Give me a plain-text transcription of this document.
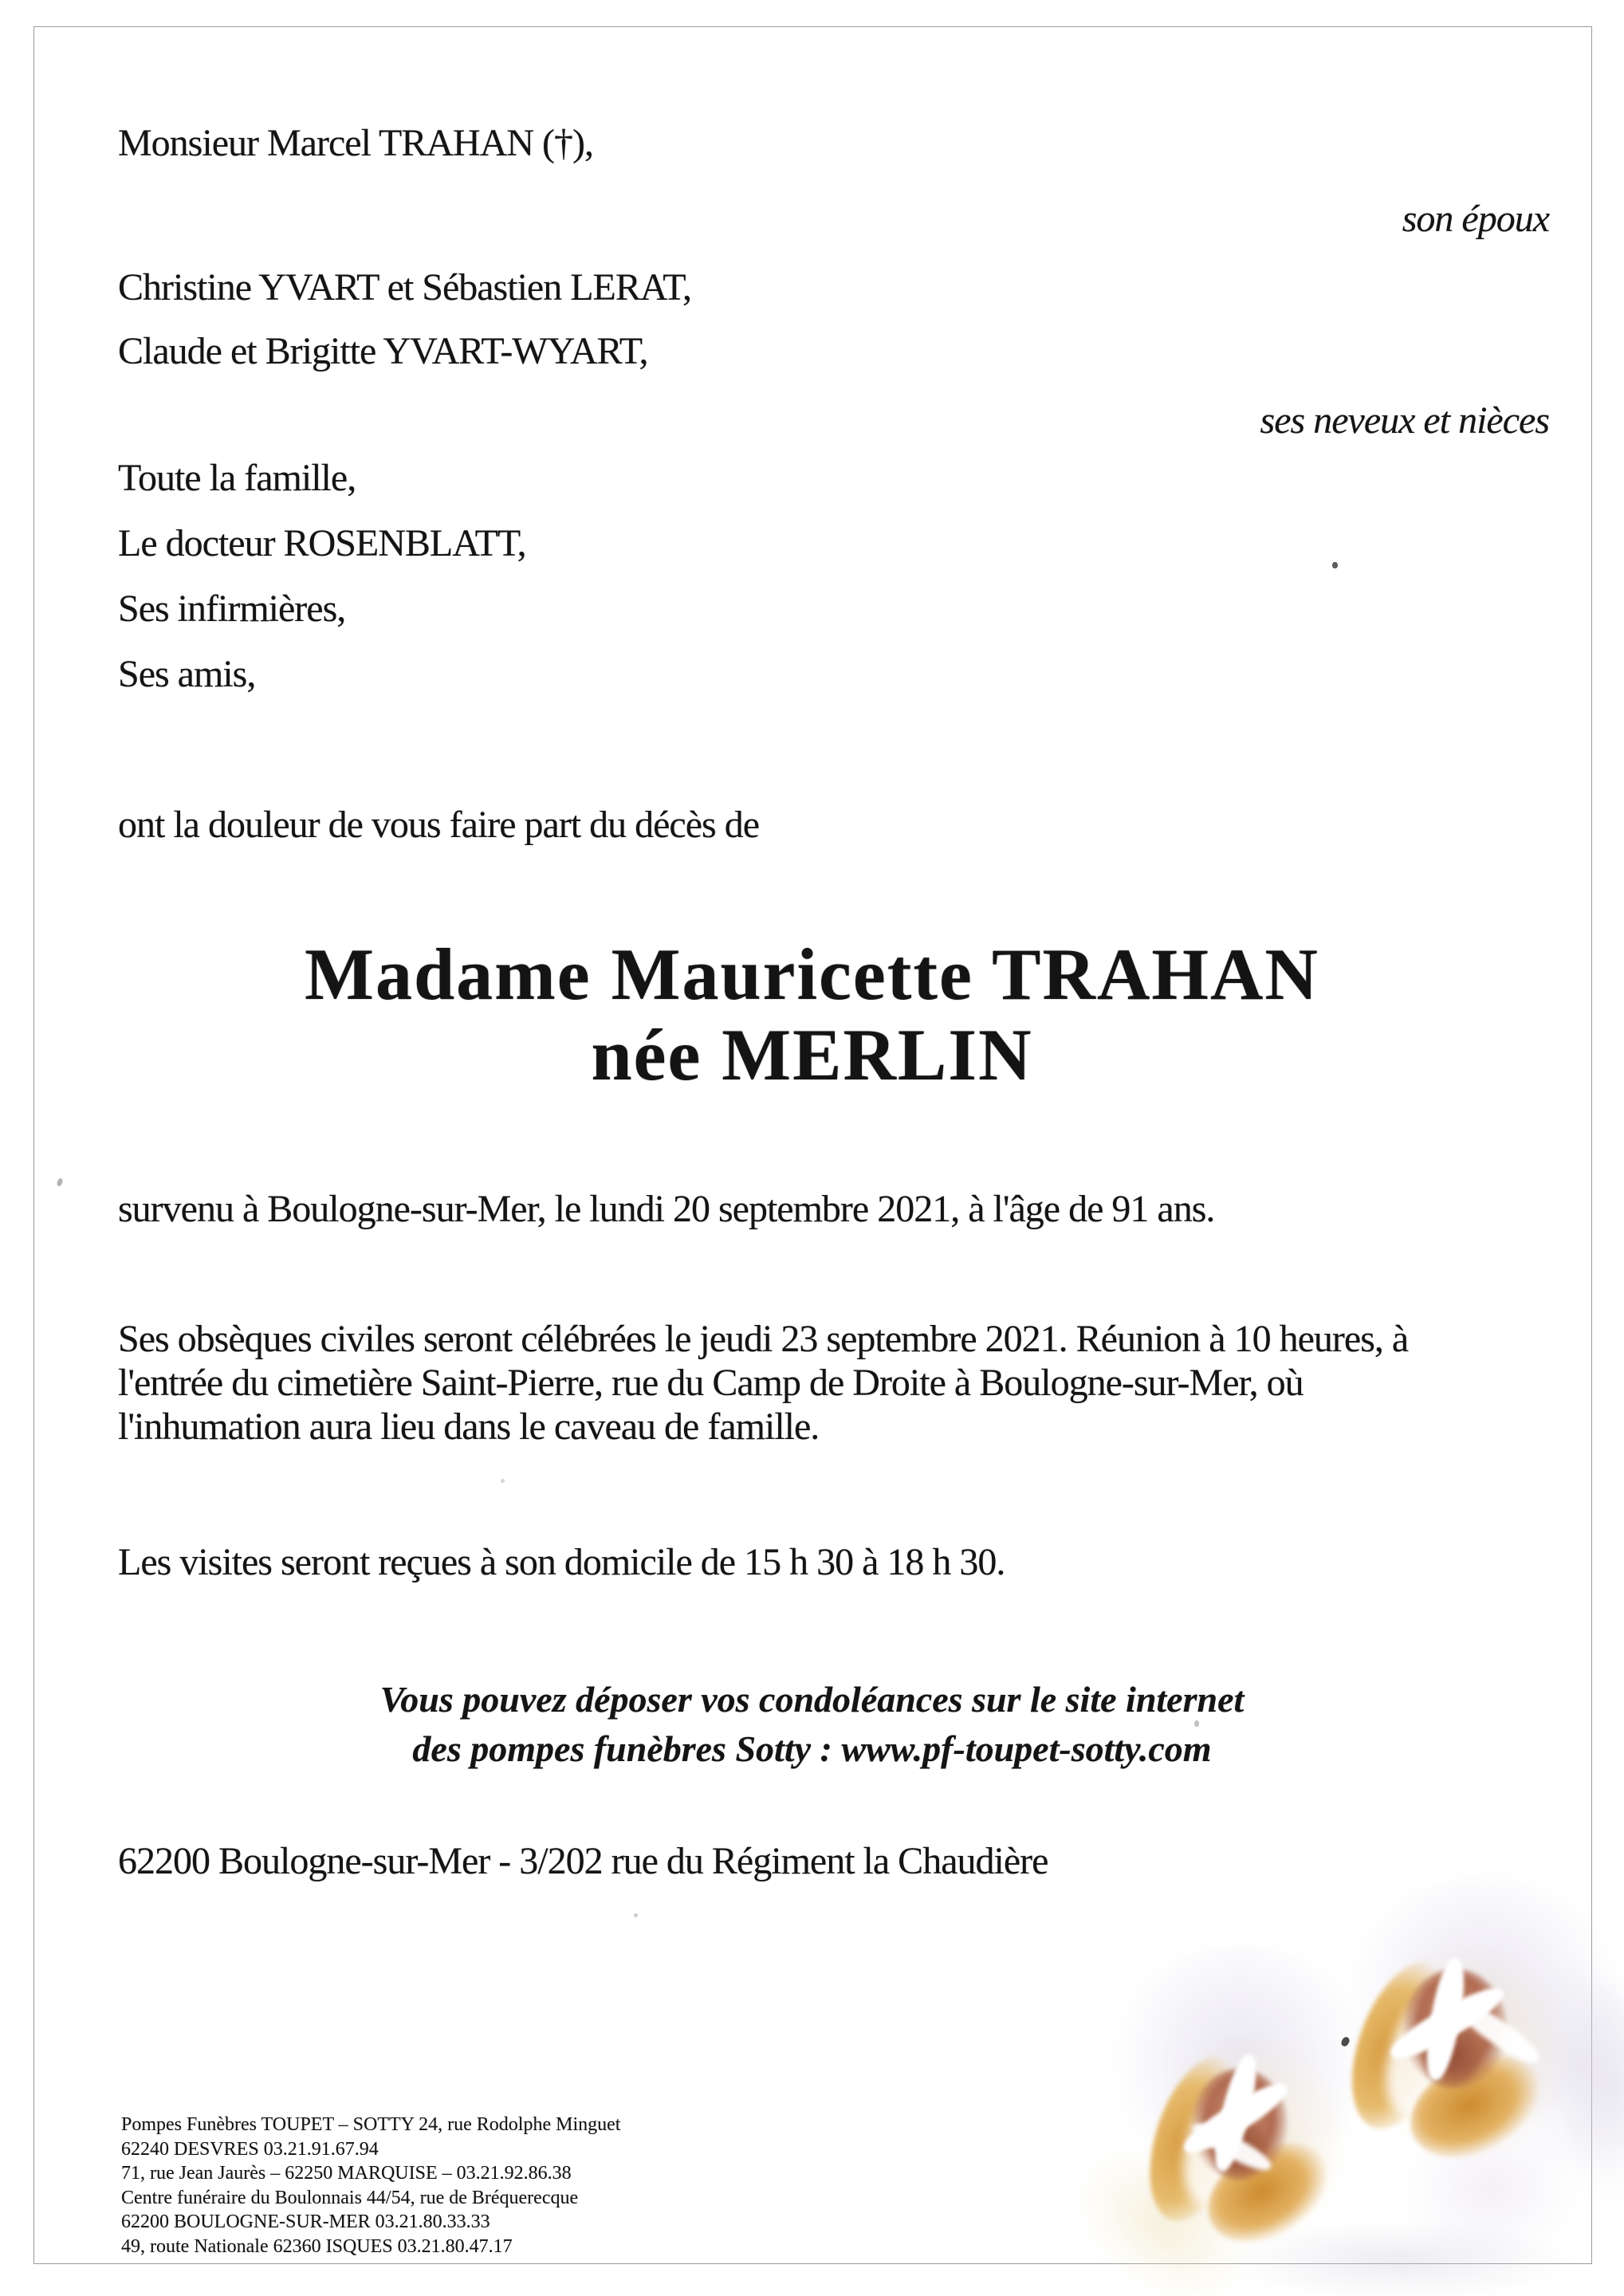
Monsieur Marcel TRAHAN (†),
son époux
Christine YVART et Sébastien LERAT,
Claude et Brigitte YVART-WYART,
ses neveux et nièces
Toute la famille,
Le docteur ROSENBLATT,
Ses infirmières,
Ses amis,
ont la douleur de vous faire part du décès de
Madame Mauricette TRAHAN
née MERLIN
survenu à Boulogne-sur-Mer, le lundi 20 septembre 2021, à l'âge de 91 ans.
Ses obsèques civiles seront célébrées le jeudi 23 septembre 2021. Réunion à 10 heures, à
l'entrée du cimetière Saint-Pierre, rue du Camp de Droite à Boulogne-sur-Mer, où
l'inhumation aura lieu dans le caveau de famille.
Les visites seront reçues à son domicile de 15 h 30 à 18 h 30.
Vous pouvez déposer vos condoléances sur le site internet
des pompes funèbres Sotty : www.pf-toupet-sotty.com
62200 Boulogne-sur-Mer - 3/202 rue du Régiment la Chaudière
Pompes Funèbres TOUPET – SOTTY 24, rue Rodolphe Minguet
62240 DESVRES 03.21.91.67.94
71, rue Jean Jaurès – 62250 MARQUISE – 03.21.92.86.38
Centre funéraire du Boulonnais 44/54, rue de Bréquerecque
62200 BOULOGNE-SUR-MER 03.21.80.33.33
49, route Nationale 62360 ISQUES 03.21.80.47.17
